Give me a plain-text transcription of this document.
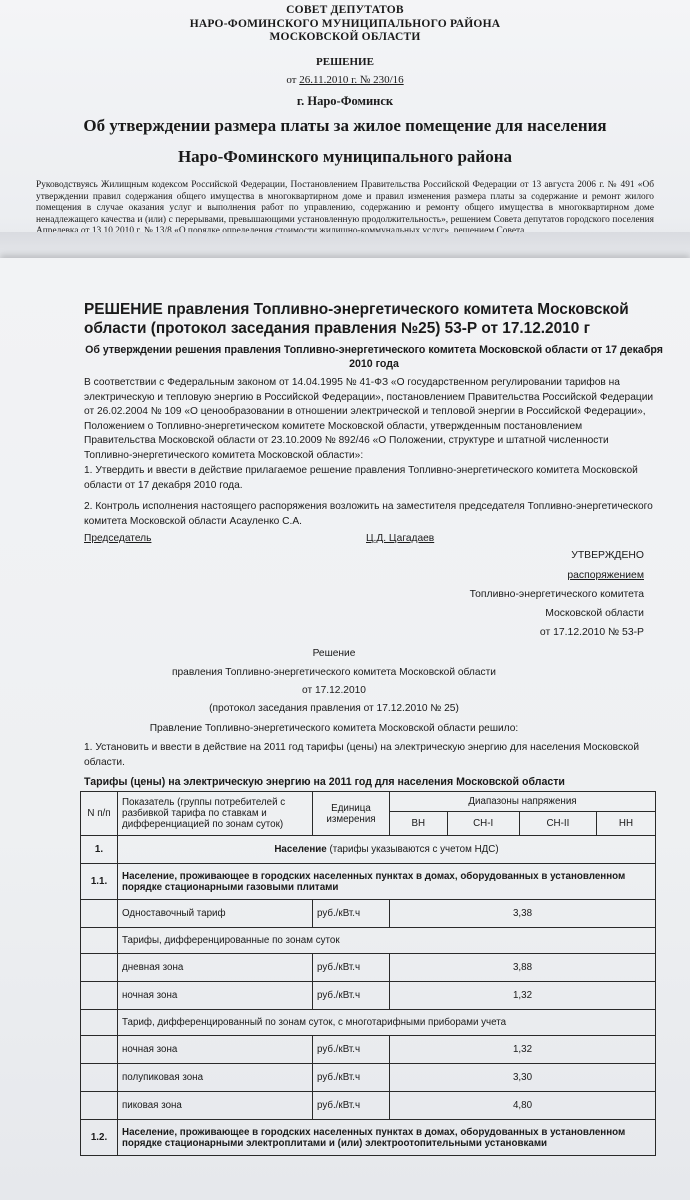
СОВЕТ ДЕПУТАТОВ
НАРО-ФОМИНСКОГО МУНИЦИПАЛЬНОГО РАЙОНА
МОСКОВСКОЙ ОБЛАСТИ
РЕШЕНИЕ
от 26.11.2010 г. № 230/16
г. Наро-Фоминск
Об утверждении размера платы за жилое помещение для населения
Наро-Фоминского муниципального района
Руководствуясь Жилищным кодексом Российской Федерации, Постановлением Правительства Российской Федерации от 13 августа 2006 г. № 491 «Об утверждении правил содержания общего имущества в многоквартирном доме и правил изменения размера платы за содержание и ремонт жилого помещения в случае оказания услуг и выполнения работ по управлению, содержанию и ремонту общего имущества в многоквартирном доме ненадлежащего качества и (или) с перерывами, превышающими установленную продолжительность», решением Совета депутатов городского поселения
РЕШЕНИЕ правления Топливно-энергетического комитета Московской области (протокол заседания правления №25) 53-Р от 17.12.2010 г
Об утверждении решения правления Топливно-энергетического комитета Московской области от 17 декабря 2010 года
В соответствии с Федеральным законом от 14.04.1995 № 41-ФЗ «О государственном регулировании тарифов на электрическую и тепловую энергию в Российской Федерации», постановлением Правительства Российской Федерации от 26.02.2004 № 109 «О ценообразовании в отношении электрической и тепловой энергии в Российской Федерации», Положением о Топливно-энергетическом комитете Московской области, утвержденным постановлением Правительства Московской области от 23.10.2009 № 892/46 «О Положении, структуре и штатной численности Топливно-энергетического комитета Московской области»:
1. Утвердить и ввести в действие прилагаемое решение правления Топливно-энергетического комитета Московской области от 17 декабря 2010 года.
2. Контроль исполнения настоящего распоряжения возложить на заместителя председателя Топливно-энергетического комитета Московской области Асауленко С.А.
Председатель	Ц.Д. Цагадаев
УТВЕРЖДЕНО
распоряжением
Топливно-энергетического комитета
Московской области
от 17.12.2010 № 53-Р
Решение
правления Топливно-энергетического комитета Московской области
от 17.12.2010
(протокол заседания правления от 17.12.2010 № 25)
Правление Топливно-энергетического комитета Московской области решило:
1. Установить и ввести в действие на 2011 год тарифы (цены) на электрическую энергию для населения Московской области.
Тарифы (цены) на электрическую энергию на 2011 год для населения Московской области
N п/п	Показатель (группы потребителей с разбивкой тарифа по ставкам и дифференциацией по зонам суток)	Единица измерения	Диапазоны напряжения			
			ВН	СН-I	СН-II	НН
1.	Население (тарифы указываются с учетом НДС)					
1.1.	Население, проживающее в городских населенных пунктах в домах, оборудованных в установленном порядке стационарными газовыми плитами					
	Одноставочный тариф	руб./кВт.ч	3,38			
	Тарифы, дифференцированные по зонам суток					
	дневная зона	руб./кВт.ч	3,88			
	ночная зона	руб./кВт.ч	1,32			
	Тариф, дифференцированный по зонам суток, с многотарифными приборами учета					
	ночная зона	руб./кВт.ч	1,32			
	полупиковая зона	руб./кВт.ч	3,30			
	пиковая зона	руб./кВт.ч	4,80			
1.2.	Население, проживающее в городских населенных пунктах в домах, оборудованных в установленном порядке стационарными электроплитами и (или) электроотопительными установками					
